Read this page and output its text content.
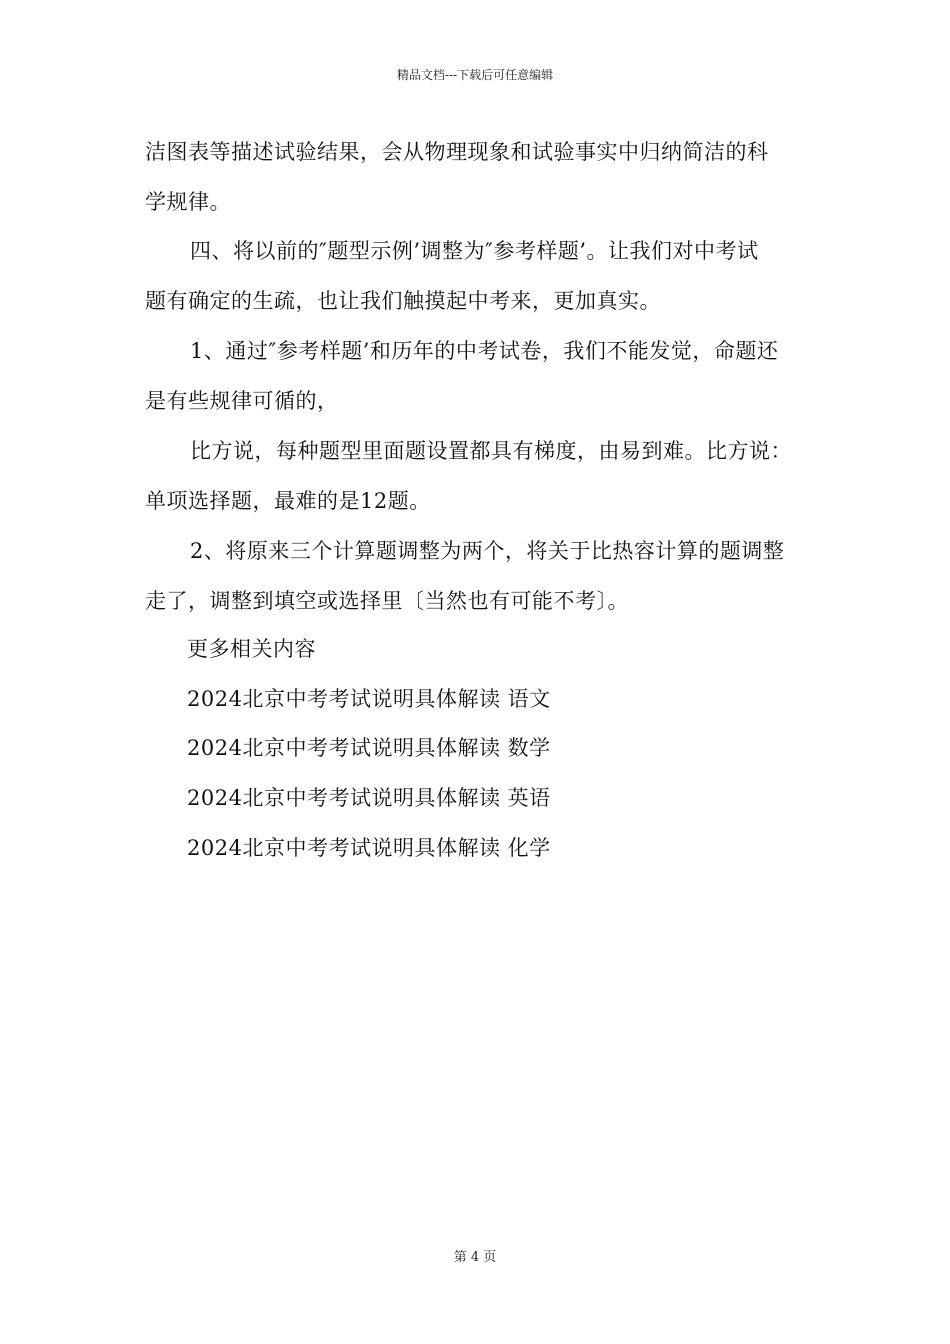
精品文档---下载后可任意编辑
洁图表等描述试验结果，会从物理现象和试验事实中归纳简洁的科
学规律。
四、将以前的″题型示例’调整为″参考样题’。让我们对中考试
题有确定的生疏，也让我们触摸起中考来，更加真实。
1、通过″参考样题’和历年的中考试卷，我们不能发觉，命题还
是有些规律可循的，
比方说，每种题型里面题设置都具有梯度，由易到难。比方说：
单项选择题，最难的是12题。
2、将原来三个计算题调整为两个，将关于比热容计算的题调整
走了，调整到填空或选择里〔当然也有可能不考〕。
更多相关内容
2024北京中考考试说明具体解读 语文
2024北京中考考试说明具体解读 数学
2024北京中考考试说明具体解读 英语
2024北京中考考试说明具体解读 化学
第 4 页
